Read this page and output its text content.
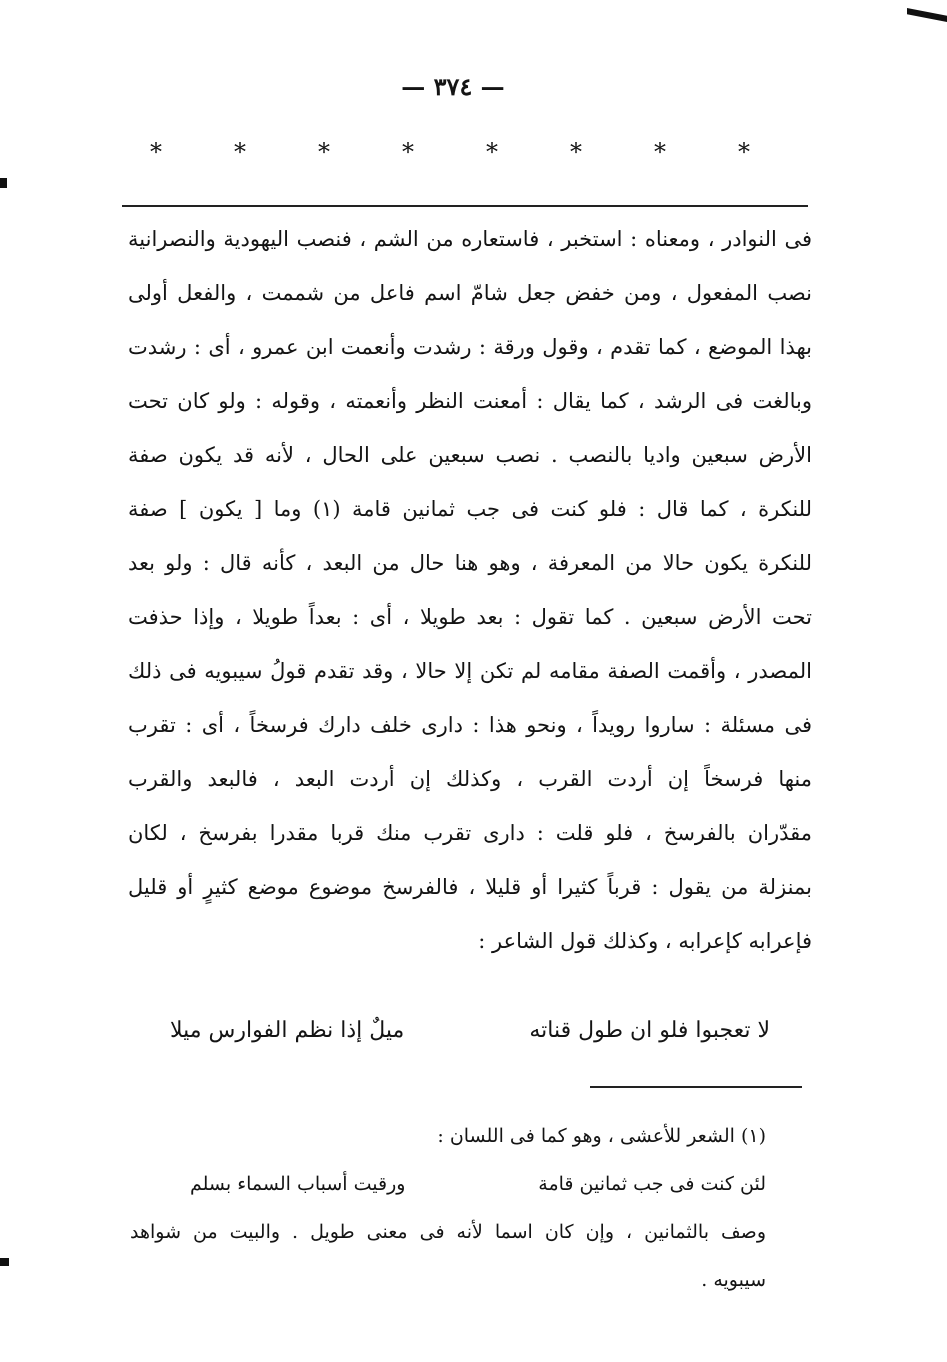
— ٣٧٤ —
*
*
*
*
*
*
*
*
فى النوادر ، ومعناه : استخبر ، فاستعاره من الشم ، فنصب اليهودية والنصرانية
نصب المفعول ، ومن خفض جعل شامّ اسم فاعل من شممت ، والفعل أولى
بهذا الموضع ، كما تقدم ، وقول ورقة : رشدت وأنعمت ابن عمرو ، أى : رشدت
وبالغت فى الرشد ، كما يقال : أمعنت النظر وأنعمته ، وقوله : ولو كان تحت
الأرض سبعين واديا بالنصب . نصب سبعين على الحال ، لأنه قد يكون صفة
للنكرة ، كما قال : فلو كنت فى جب ثمانين قامة (١) وما [ يكون ] صفة
للنكرة يكون حالا من المعرفة ، وهو هنا حال من البعد ، كأنه قال : ولو بعد
تحت الأرض سبعين . كما تقول : بعد طويلا ، أى : بعداً طويلا ، وإذا حذفت
المصدر ، وأقمت الصفة مقامه لم تكن إلا حالا ، وقد تقدم قولُ سيبويه فى ذلك
فى مسئلة : ساروا رويداً ، ونحو هذا : دارى خلف دارك فرسخاً ، أى : تقرب
منها فرسخاً إن أردت القرب ، وكذلك إن أردت البعد ، فالبعد والقرب
مقدّران بالفرسخ ، فلو قلت : دارى تقرب منك قربا مقدرا بفرسخ ، لكان
بمنزلة من يقول : قرباً كثيرا أو قليلا ، فالفرسخ موضوع موضع كثيرٍ أو قليل
فإعرابه كإعرابه ، وكذلك قول الشاعر :
لا تعجبوا فلو ان طول قناته
ميلٌ إذا نظم الفوارس ميلا
(١) الشعر للأعشى ، وهو كما فى اللسان :
لئن كنت فى جب ثمانين قامة
ورقيت أسباب السماء بسلم
وصف بالثمانين ، وإن كان اسما لأنه فى معنى طويل . والبيت من شواهد
سيبويه .
